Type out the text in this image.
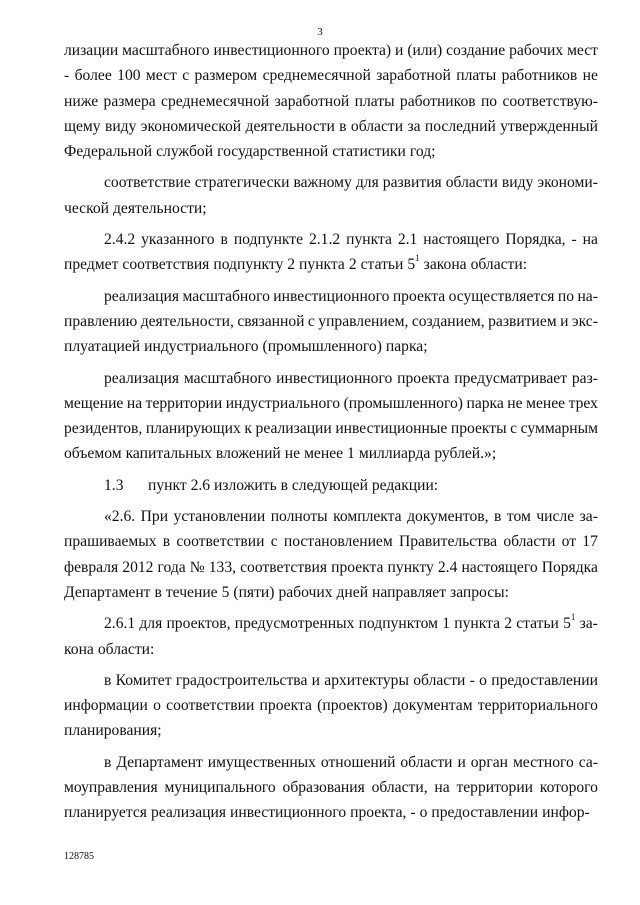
3
лизации масштабного инвестиционного проекта) и (или) создание рабочих мест
- более 100 мест с размером среднемесячной заработной платы работников не
ниже размера среднемесячной заработной платы работников по соответствую-
щему виду экономической деятельности в области за последний утвержденный
Федеральной службой государственной статистики год;
соответствие стратегически важному для развития области виду экономи-
ческой деятельности;
2.4.2 указанного в подпункте 2.1.2 пункта 2.1 настоящего Порядка, - на
предмет соответствия подпункту 2 пункта 2 статьи $5^1$ закона области:
реализация масштабного инвестиционного проекта осуществляется по на-
правлению деятельности, связанной с управлением, созданием, развитием и экс-
плуатацией индустриального (промышленного) парка;
реализация масштабного инвестиционного проекта предусматривает раз-
мещение на территории индустриального (промышленного) парка не менее трех
резидентов, планирующих к реализации инвестиционные проекты с суммарным
объемом капитальных вложений не менее 1 миллиарда рублей.»;
1.3	пункт 2.6 изложить в следующей редакции:
«2.6. При установлении полноты комплекта документов, в том числе за-
прашиваемых в соответствии с постановлением Правительства области от 17
февраля 2012 года № 133, соответствия проекта пункту 2.4 настоящего Порядка
Департамент в течение 5 (пяти) рабочих дней направляет запросы:
2.6.1 для проектов, предусмотренных подпунктом 1 пункта 2 статьи $5^1$ за-
кона области:
в Комитет градостроительства и архитектуры области - о предоставлении
информации о соответствии проекта (проектов) документам территориального
планирования;
в Департамент имущественных отношений области и орган местного са-
моуправления муниципального образования области, на территории которого
планируется реализация инвестиционного проекта, - о предоставлении инфор-
128785
